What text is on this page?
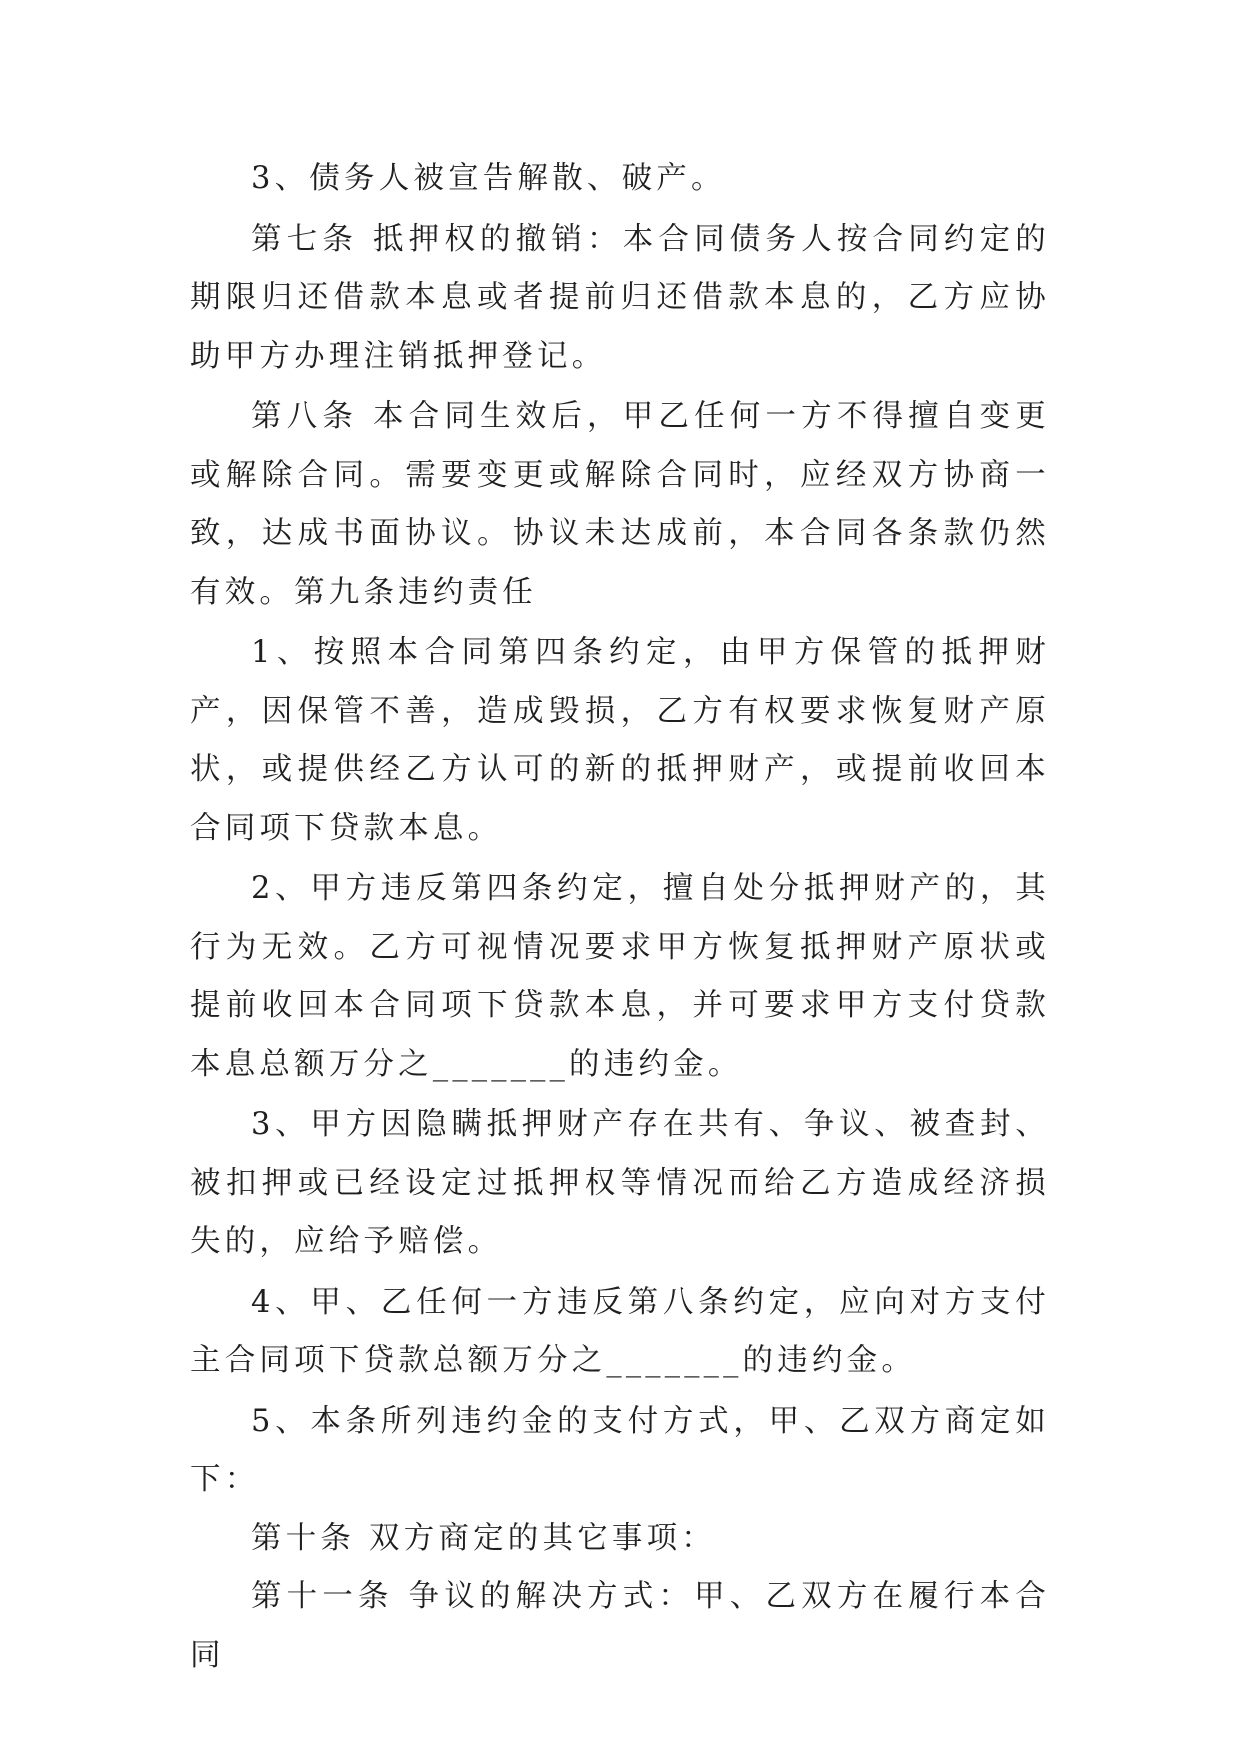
3、债务人被宣告解散、破产。

第七条 抵押权的撤销：本合同债务人按合同约定的期限归还借款本息或者提前归还借款本息的，乙方应协助甲方办理注销抵押登记。

第八条 本合同生效后，甲乙任何一方不得擅自变更或解除合同。需要变更或解除合同时，应经双方协商一致，达成书面协议。协议未达成前，本合同各条款仍然有效。第九条违约责任

1、按照本合同第四条约定，由甲方保管的抵押财产，因保管不善，造成毁损，乙方有权要求恢复财产原状，或提供经乙方认可的新的抵押财产，或提前收回本合同项下贷款本息。

2、甲方违反第四条约定，擅自处分抵押财产的，其行为无效。乙方可视情况要求甲方恢复抵押财产原状或提前收回本合同项下贷款本息，并可要求甲方支付贷款本息总额万分之_______的违约金。

3、甲方因隐瞒抵押财产存在共有、争议、被查封、被扣押或已经设定过抵押权等情况而给乙方造成经济损失的，应给予赔偿。

4、甲、乙任何一方违反第八条约定，应向对方支付主合同项下贷款总额万分之_______的违约金。

5、本条所列违约金的支付方式，甲、乙双方商定如下：

第十条 双方商定的其它事项：

第十一条 争议的解决方式：甲、乙双方在履行本合同
